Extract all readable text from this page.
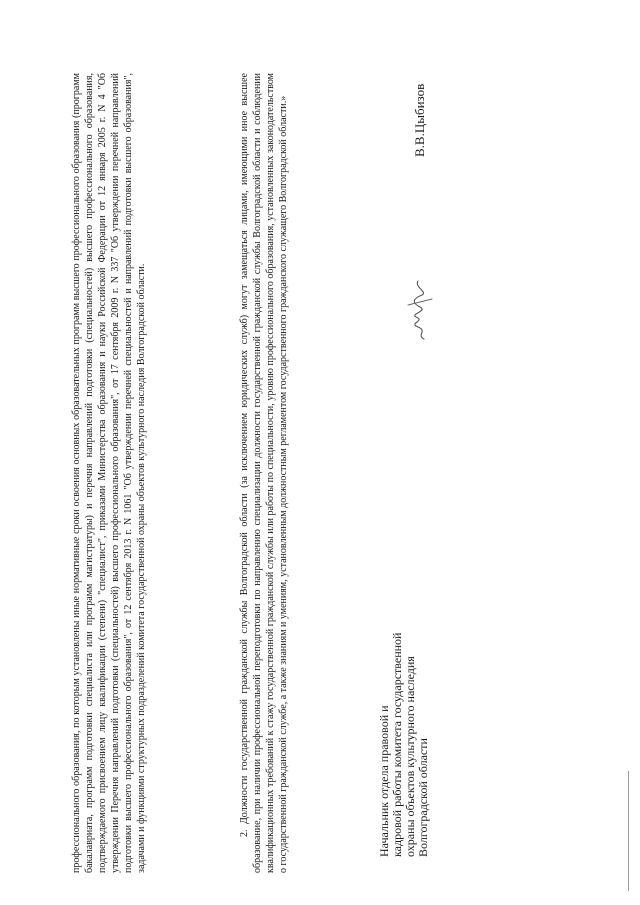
профессионального образования, по которым установлены иные нормативные сроки освоения основных образовательных программ высшего профессионального образования (программ бакалавриата, программ подготовки специалиста или программ магистратуры) и перечня направлений подготовки (специальностей) высшего профессионального образования, подтверждаемого присвоением лицу квалификации (степени) "специалист", приказами Министерства образования и науки Российской Федерации от 12 января 2005 г. N 4 "Об утверждении Перечня направлений подготовки (специальностей) высшего профессионального образования", от 17 сентября 2009 г. N 337 "Об утверждении перечней направлений подготовки высшего профессионального образования", от 12 сентября 2013 г. N 1061 "Об утверждении перечней специальностей и направлений подготовки высшего образования", задачами и функциями структурных подразделений комитета государственной охраны объектов культурного наследия Волгоградской области.	2. Должности государственной гражданской службы Волгоградской области (за исключением юридических служб) могут замещаться лицами, имеющими иное высшее образование, при наличии профессиональной переподготовки по направлению специализации должности государственной гражданской службы Волгоградской области и соблюдении квалификационных требований к стажу государственной гражданской службы или работы по специальности, уровню профессионального образования, установленных законодательством о государственной гражданской службе, а также знаниям и умениям, установленным должностным регламентом государственного гражданского служащего Волгоградской области.»	Начальник отдела правовой и кадровой работы комитета государственной охраны объектов культурного наследия Волгоградской области
В.В.Цыбизов
